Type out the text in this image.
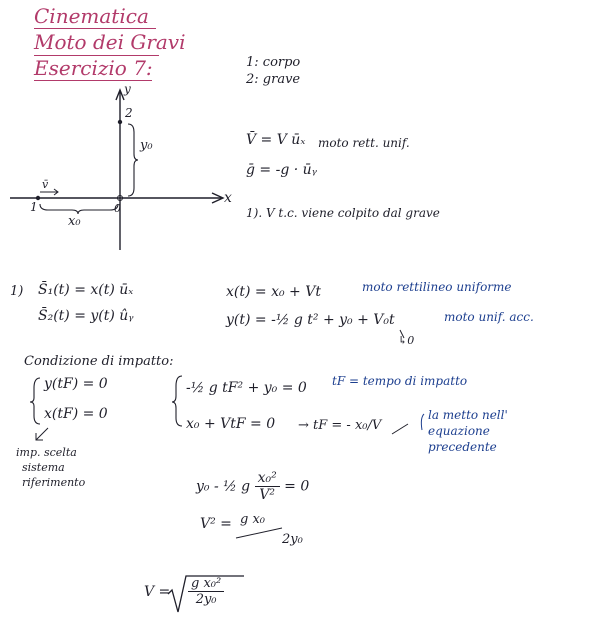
Cinematica
Moto dei Gravi
Esercizio 7:	1: corpo
2: grave
y
x
2
1	0
y₀
x₀
v̄
V̄ = V ūₓ moto rett. unif.
ḡ = -g · ūᵧ
1). V t.c. viene colpito dal grave
1) S̄₁(t) = x(t) ūₓ
S̄₂(t) = y(t) ûᵧ
x(t) = x₀ + Vt	moto rettilineo uniforme
y(t) = -½ g t² + y₀ + V₀t	moto unif. acc.
↳0
Condizione di impatto:
y(tF) = 0
x(tF) = 0
-½ g tF² + y₀ = 0
x₀ + VtF = 0
tF = tempo di impatto
→ tF = - x₀/V
la metto nell'
equazione
precedente
imp. scelta
sistema
riferimento	y₀ - ½ g $\frac{\text{x₀²}}{\text{V²}} = 0$
V² = g x₀
2y₀
$V = \frac{\text{g x₀²}}{\text{2y₀}}$
